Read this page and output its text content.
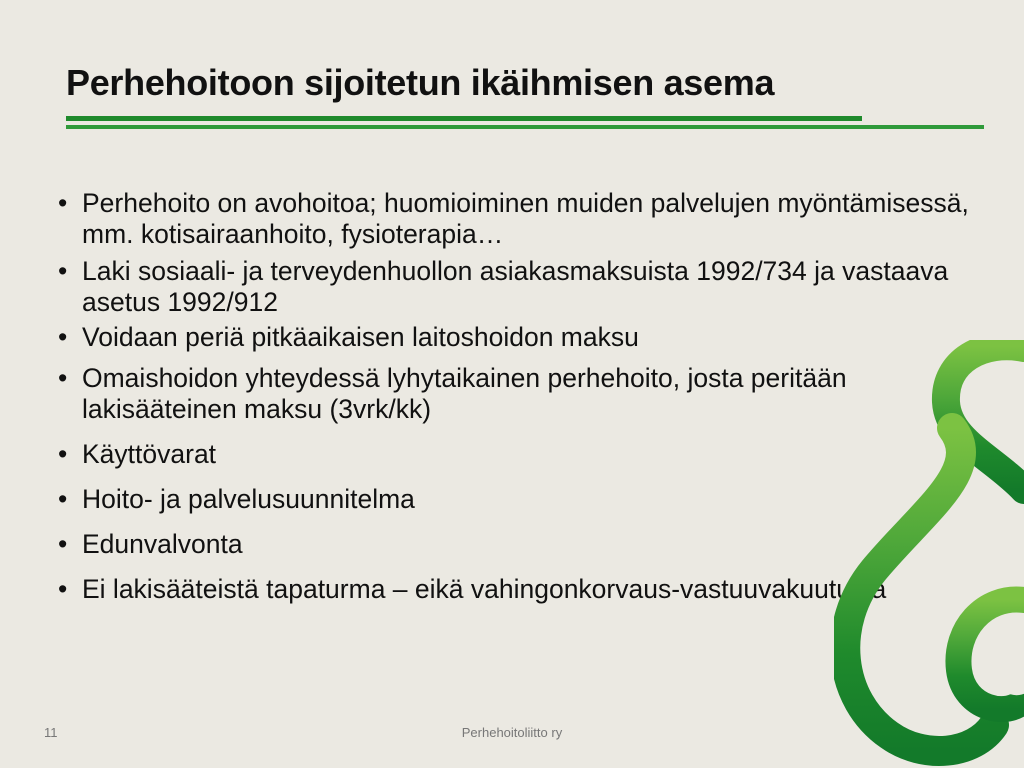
Perhehoitoon sijoitetun ikäihmisen asema
• Perhehoito on avohoitoa; huomioiminen muiden palvelujen myöntämisessä, mm. kotisairaanhoito, fysioterapia…
• Laki sosiaali- ja terveydenhuollon asiakasmaksuista 1992/734 ja vastaava asetus 1992/912
• Voidaan periä pitkäaikaisen laitoshoidon maksu
• Omaishoidon yhteydessä lyhytaikainen perhehoito, josta peritään lakisääteinen maksu (3vrk/kk)
• Käyttövarat
• Hoito- ja palvelusuunnitelma
• Edunvalvonta
• Ei lakisääteistä tapaturma – eikä vahingonkorvaus-vastuuvakuutusta
11	Perhehoitoliitto ry
